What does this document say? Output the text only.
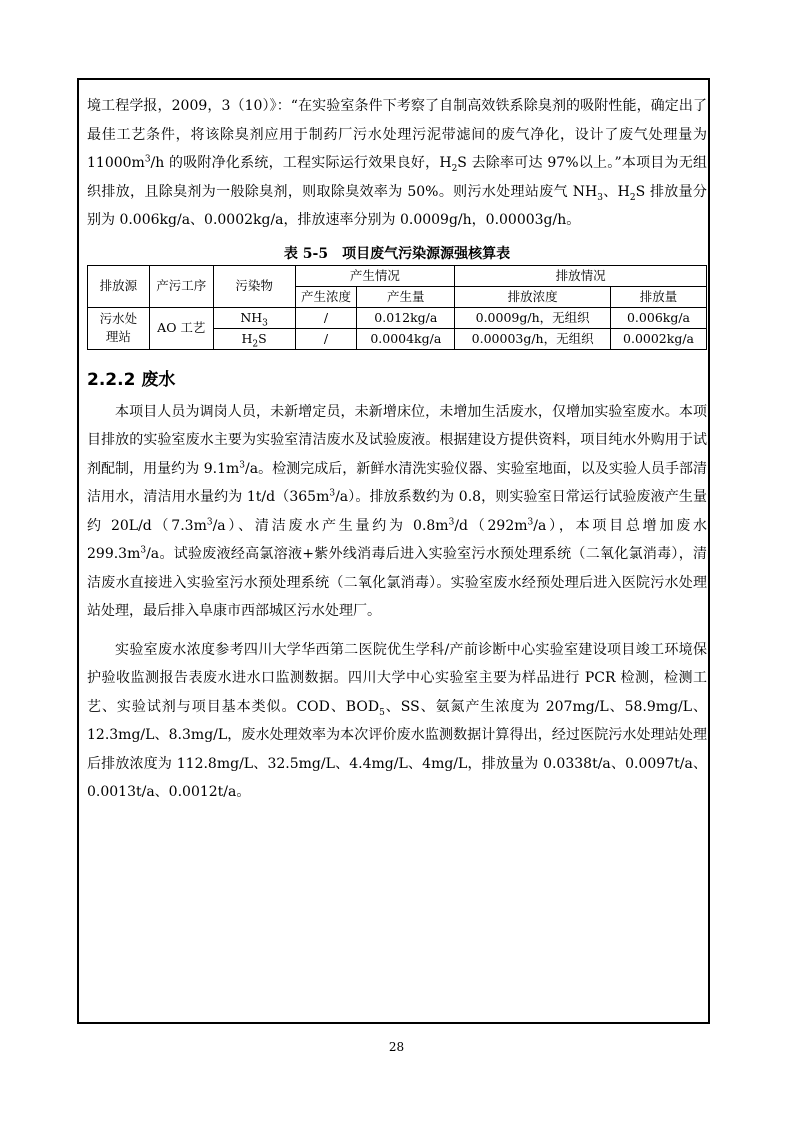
境工程学报，2009，3（10）》：“在实验室条件下考察了自制高效铁系除臭剂的吸附性能，确定出了最佳工艺条件，将该除臭剂应用于制药厂污水处理污泥带滤间的废气净化，设计了废气处理量为 $11000m^3/h$ 的吸附净化系统，工程实际运行效果良好，$H_2S$ 去除率可达 97%以上。”本项目为无组织排放，且除臭剂为一般除臭剂，则取除臭效率为 50%。则污水处理站废气 $NH_3$、$H_2S$ 排放量分别为 0.006kg/a、0.0002kg/a，排放速率分别为 0.0009g/h，0.00003g/h。

表 5-5　项目废气污染源源强核算表
排放源	产污工序	污染物	产生情况		排放情况	
			产生浓度	产生量	排放浓度	排放量
污水处理站	AO 工艺	$NH_3$	/	0.012kg/a	0.0009g/h，无组织	0.006kg/a
		$H_2S$	/	0.0004kg/a	0.00003g/h，无组织	0.0002kg/a
2.2.2 废水

本项目人员为调岗人员，未新增定员，未新增床位，未增加生活废水，仅增加实验室废水。本项目排放的实验室废水主要为实验室清洁废水及试验废液。根据建设方提供资料，项目纯水外购用于试剂配制，用量约为 $9.1m^3/a$。检测完成后，新鲜水清洗实验仪器、实验室地面，以及实验人员手部清洁用水，清洁用水量约为 $1t/d(365m^3/a)$。排放系数约为 0.8，则实验室日常运行试验废液产生量约 $20L/d(7.3m^3/a)$、清洁废水产生量约为 $0.8m^3/d(292m^3/a)$，本项目总增加废水 $299.3m^3/a$。试验废液经高氯溶液+紫外线消毒后进入实验室污水预处理系统（二氧化氯消毒），清洁废水直接进入实验室污水预处理系统（二氧化氯消毒）。实验室废水经预处理后进入医院污水处理站处理，最后排入阜康市西部城区污水处理厂。

实验室废水浓度参考四川大学华西第二医院优生学科/产前诊断中心实验室建设项目竣工环境保护验收监测报告表废水进水口监测数据。四川大学中心实验室主要为样品进行 PCR 检测，检测工艺、实验试剂与项目基本类似。COD、$BOD_5$、SS、氨氮产生浓度为 207mg/L、58.9mg/L、12.3mg/L、8.3mg/L，废水处理效率为本次评价废水监测数据计算得出，经过医院污水处理站处理后排放浓度为 112.8mg/L、32.5mg/L、4.4mg/L、4mg/L，排放量为 0.0338t/a、0.0097t/a、0.0013t/a、0.0012t/a。

28
